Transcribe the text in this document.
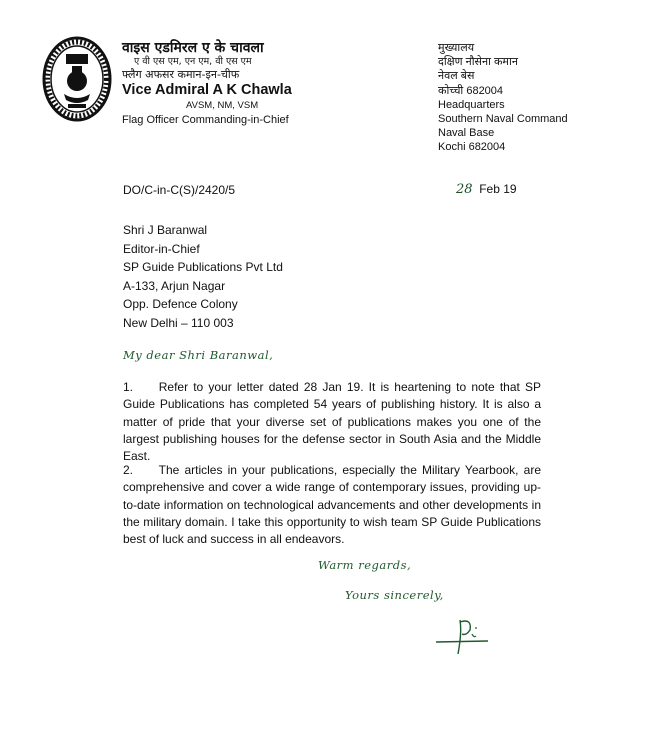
वाइस एडमिरल ए के चावला
ए वी एस एम, एन एम, वी एस एम
फ्लैग अफसर कमान-इन-चीफ
Vice Admiral A K Chawla
AVSM, NM, VSM
Flag Officer Commanding-in-Chief
मुख्यालय
दक्षिण नौसेना कमान
नेवल बेस
कोच्ची 682004
Headquarters
Southern Naval Command
Naval Base
Kochi 682004
DO/C-in-C(S)/2420/5	28 Feb 19
Shri J Baranwal
Editor-in-Chief
SP Guide Publications Pvt Ltd
A-133, Arjun Nagar
Opp. Defence Colony
New Delhi – 110 003
My dear Shri Baranwal,
1.     Refer to your letter dated 28 Jan 19. It is heartening to note that SP Guide Publications has completed 54 years of publishing history. It is also a matter of pride that your diverse set of publications makes you one of the largest publishing houses for the defense sector in South Asia and the Middle East.
2.     The articles in your publications, especially the Military Yearbook, are comprehensive and cover a wide range of contemporary issues, providing up-to-date information on technological advancements and other developments in the military domain. I take this opportunity to wish team SP Guide Publications best of luck and success in all endeavors.
Warm regards,
Yours sincerely,
